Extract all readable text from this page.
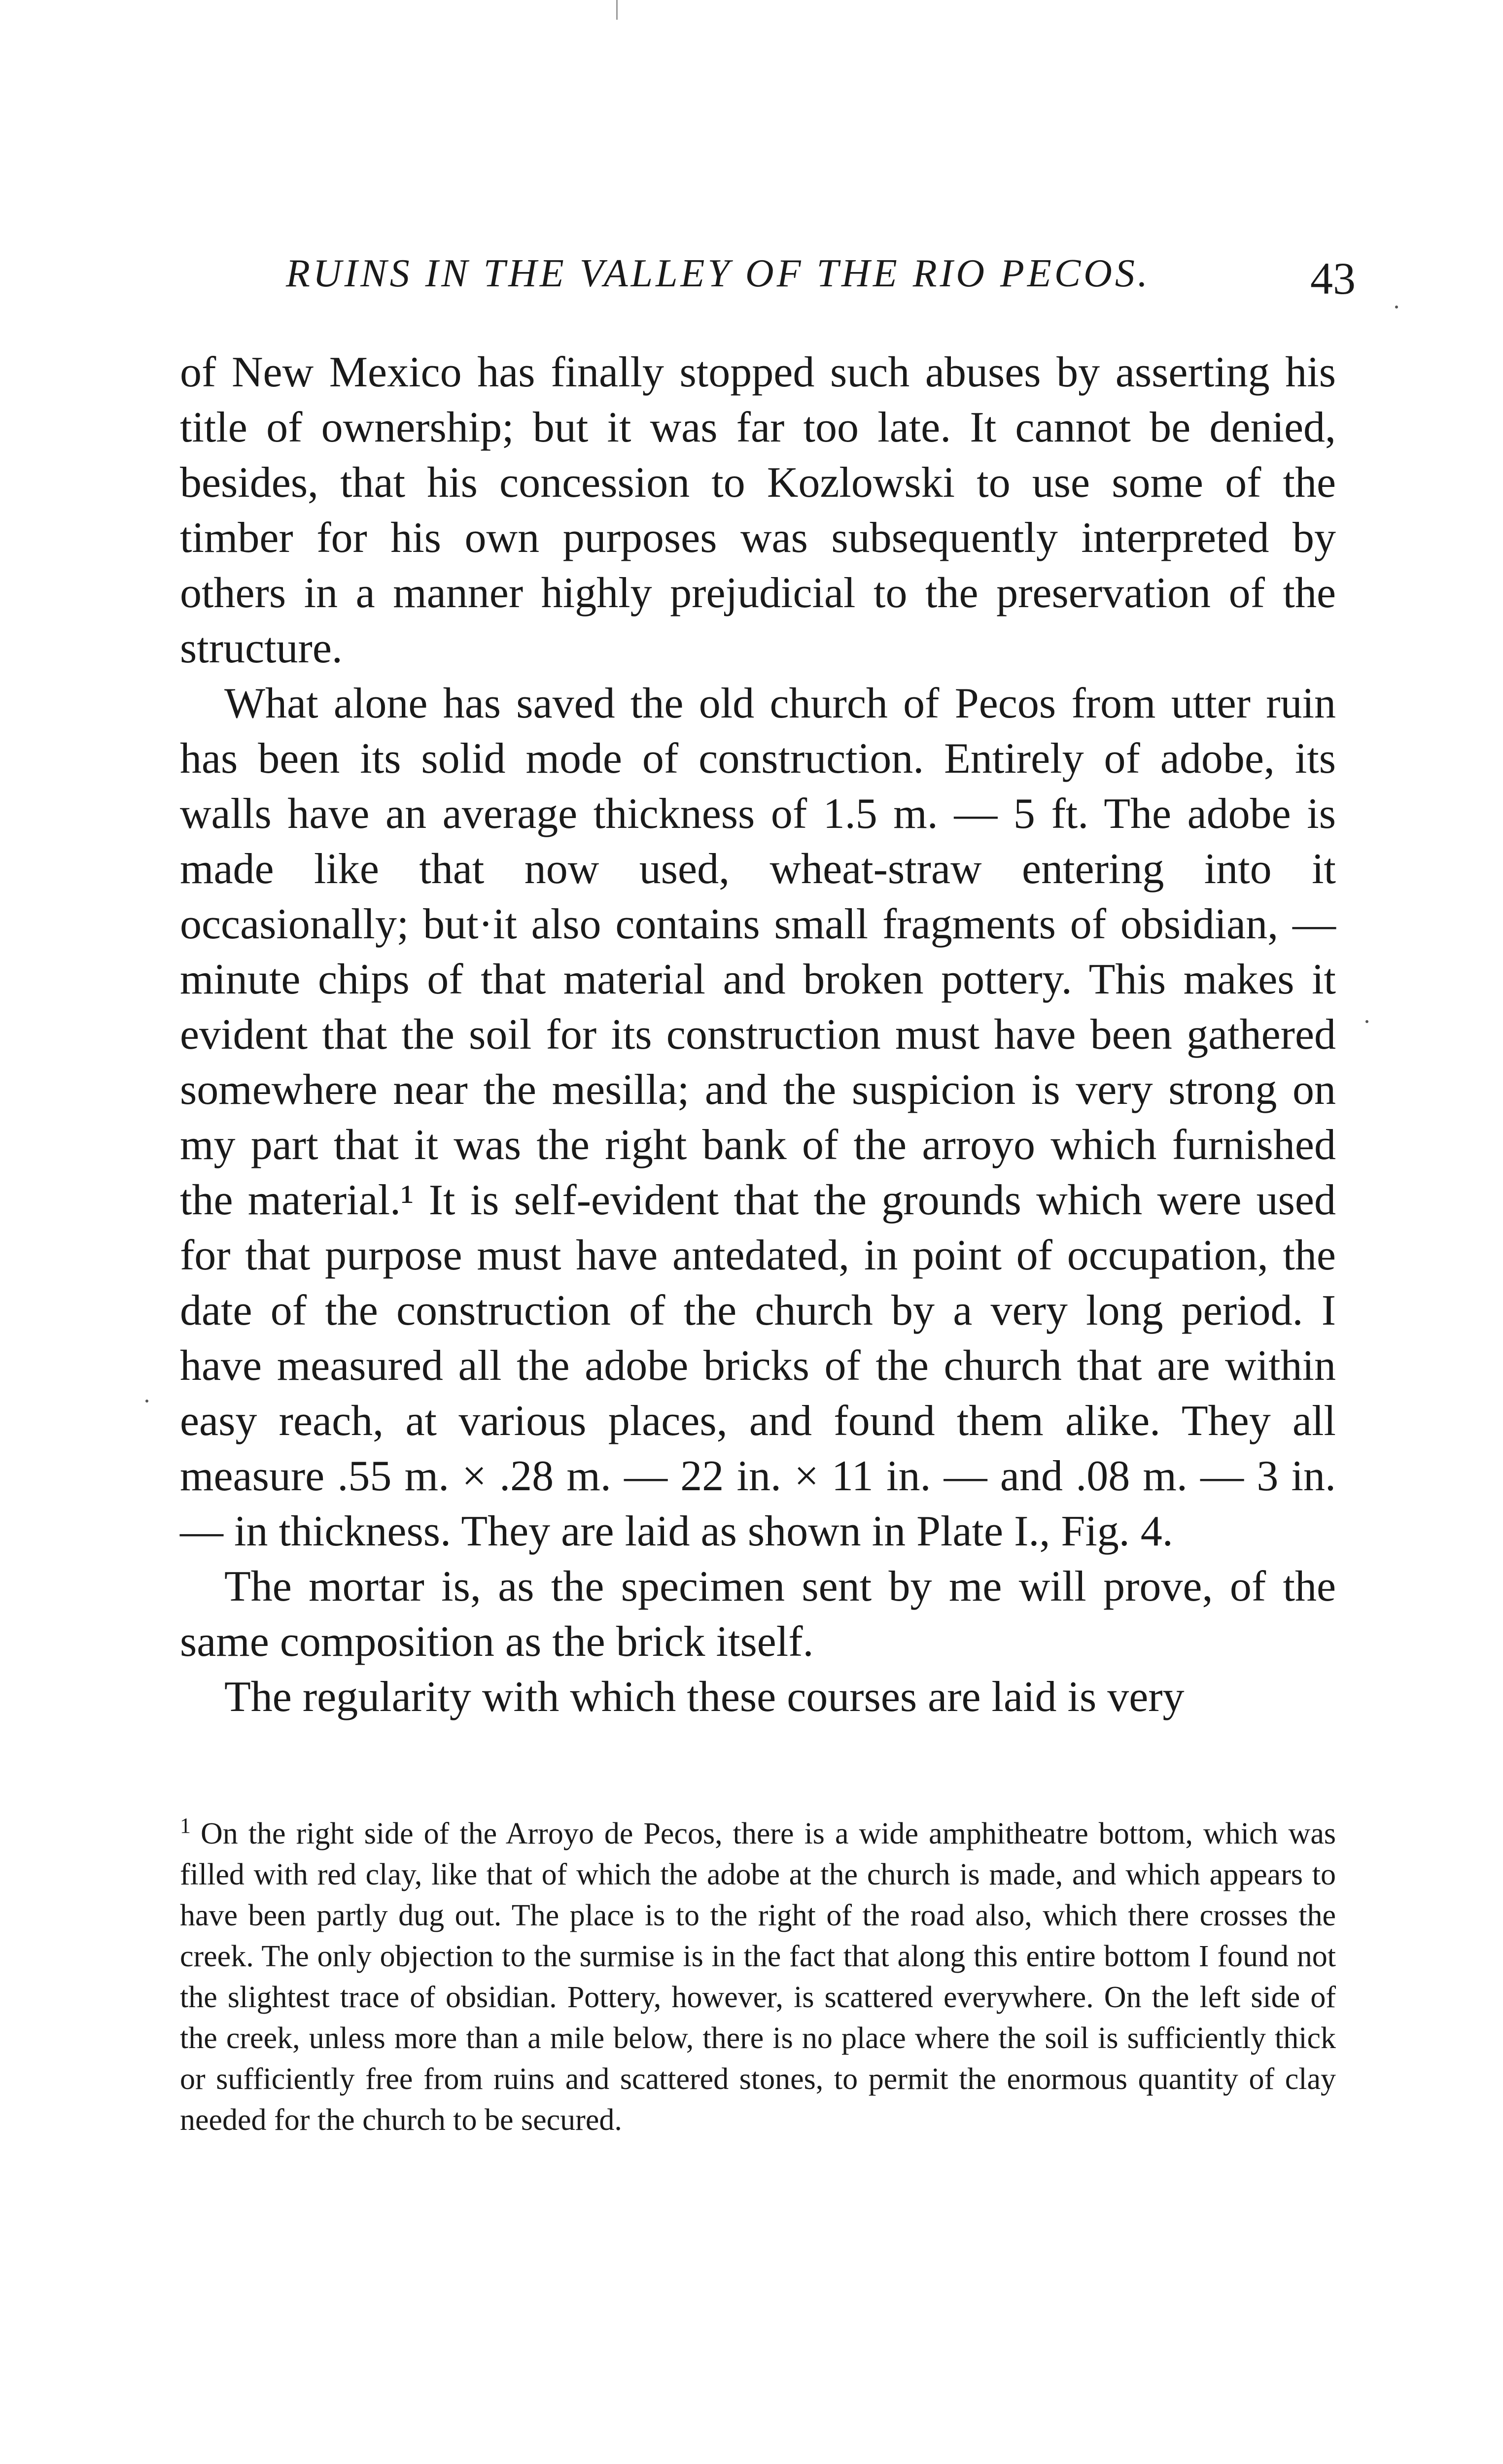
RUINS IN THE VALLEY OF THE RIO PECOS.	43

of New Mexico has finally stopped such abuses by asserting his title of ownership; but it was far too late. It cannot be denied, besides, that his concession to Kozlowski to use some of the timber for his own purposes was subsequently interpreted by others in a manner highly prejudicial to the preservation of the structure.

What alone has saved the old church of Pecos from utter ruin has been its solid mode of construction. Entirely of adobe, its walls have an average thickness of 1.5 m. — 5 ft. The adobe is made like that now used, wheat-straw entering into it occasionally; but·it also contains small fragments of obsidian, — minute chips of that material and broken pottery. This makes it evident that the soil for its construction must have been gathered somewhere near the mesilla; and the suspicion is very strong on my part that it was the right bank of the arroyo which furnished the material.¹ It is self-evident that the grounds which were used for that purpose must have antedated, in point of occupation, the date of the construction of the church by a very long period. I have measured all the adobe bricks of the church that are within easy reach, at various places, and found them alike. They all measure .55 m. × .28 m. — 22 in. × 11 in. — and .08 m. — 3 in. — in thickness. They are laid as shown in Plate I., Fig. 4.

The mortar is, as the specimen sent by me will prove, of the same composition as the brick itself.

The regularity with which these courses are laid is very

$^1$ On the right side of the Arroyo de Pecos, there is a wide amphitheatre bottom, which was filled with red clay, like that of which the adobe at the church is made, and which appears to have been partly dug out. The place is to the right of the road also, which there crosses the creek. The only objection to the surmise is in the fact that along this entire bottom I found not the slightest trace of obsidian. Pottery, however, is scattered everywhere. On the left side of the creek, unless more than a mile below, there is no place where the soil is sufficiently thick or sufficiently free from ruins and scattered stones, to permit the enormous quantity of clay needed for the church to be secured.
